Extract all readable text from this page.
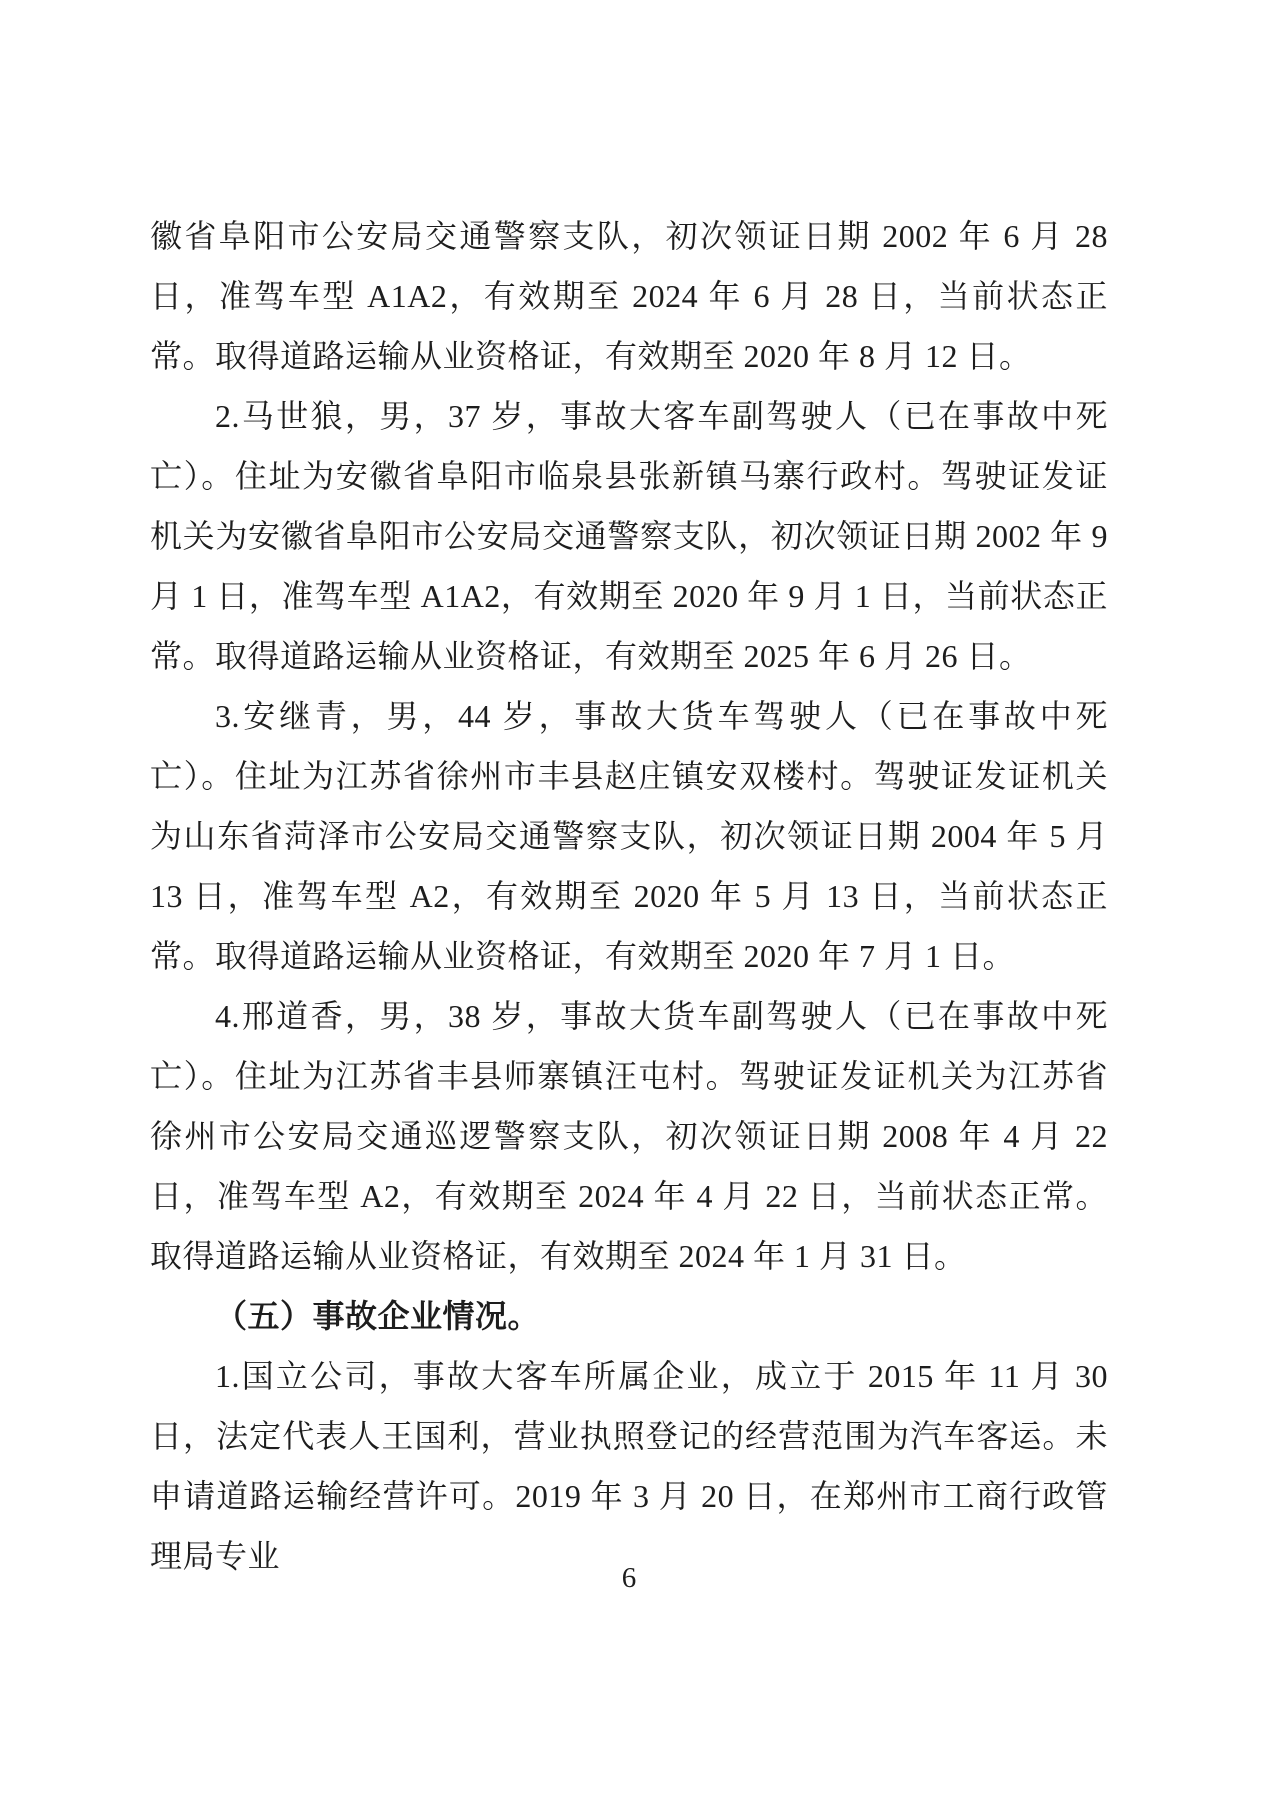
徽省阜阳市公安局交通警察支队，初次领证日期 2002 年 6 月 28 日，准驾车型 A1A2，有效期至 2024 年 6 月 28 日，当前状态正常。取得道路运输从业资格证，有效期至 2020 年 8 月 12 日。

2.马世狼，男，37 岁，事故大客车副驾驶人（已在事故中死亡）。住址为安徽省阜阳市临泉县张新镇马寨行政村。驾驶证发证机关为安徽省阜阳市公安局交通警察支队，初次领证日期 2002 年 9 月 1 日，准驾车型 A1A2，有效期至 2020 年 9 月 1 日，当前状态正常。取得道路运输从业资格证，有效期至 2025 年 6 月 26 日。

3.安继青，男，44 岁，事故大货车驾驶人（已在事故中死亡）。住址为江苏省徐州市丰县赵庄镇安双楼村。驾驶证发证机关为山东省菏泽市公安局交通警察支队，初次领证日期 2004 年 5 月 13 日，准驾车型 A2，有效期至 2020 年 5 月 13 日，当前状态正常。取得道路运输从业资格证，有效期至 2020 年 7 月 1 日。

4.邢道香，男，38 岁，事故大货车副驾驶人（已在事故中死亡）。住址为江苏省丰县师寨镇汪屯村。驾驶证发证机关为江苏省徐州市公安局交通巡逻警察支队，初次领证日期 2008 年 4 月 22 日，准驾车型 A2，有效期至 2024 年 4 月 22 日，当前状态正常。取得道路运输从业资格证，有效期至 2024 年 1 月 31 日。

（五）事故企业情况。

1.国立公司，事故大客车所属企业，成立于 2015 年 11 月 30 日，法定代表人王国利，营业执照登记的经营范围为汽车客运。未申请道路运输经营许可。2019 年 3 月 20 日，在郑州市工商行政管理局专业

6
